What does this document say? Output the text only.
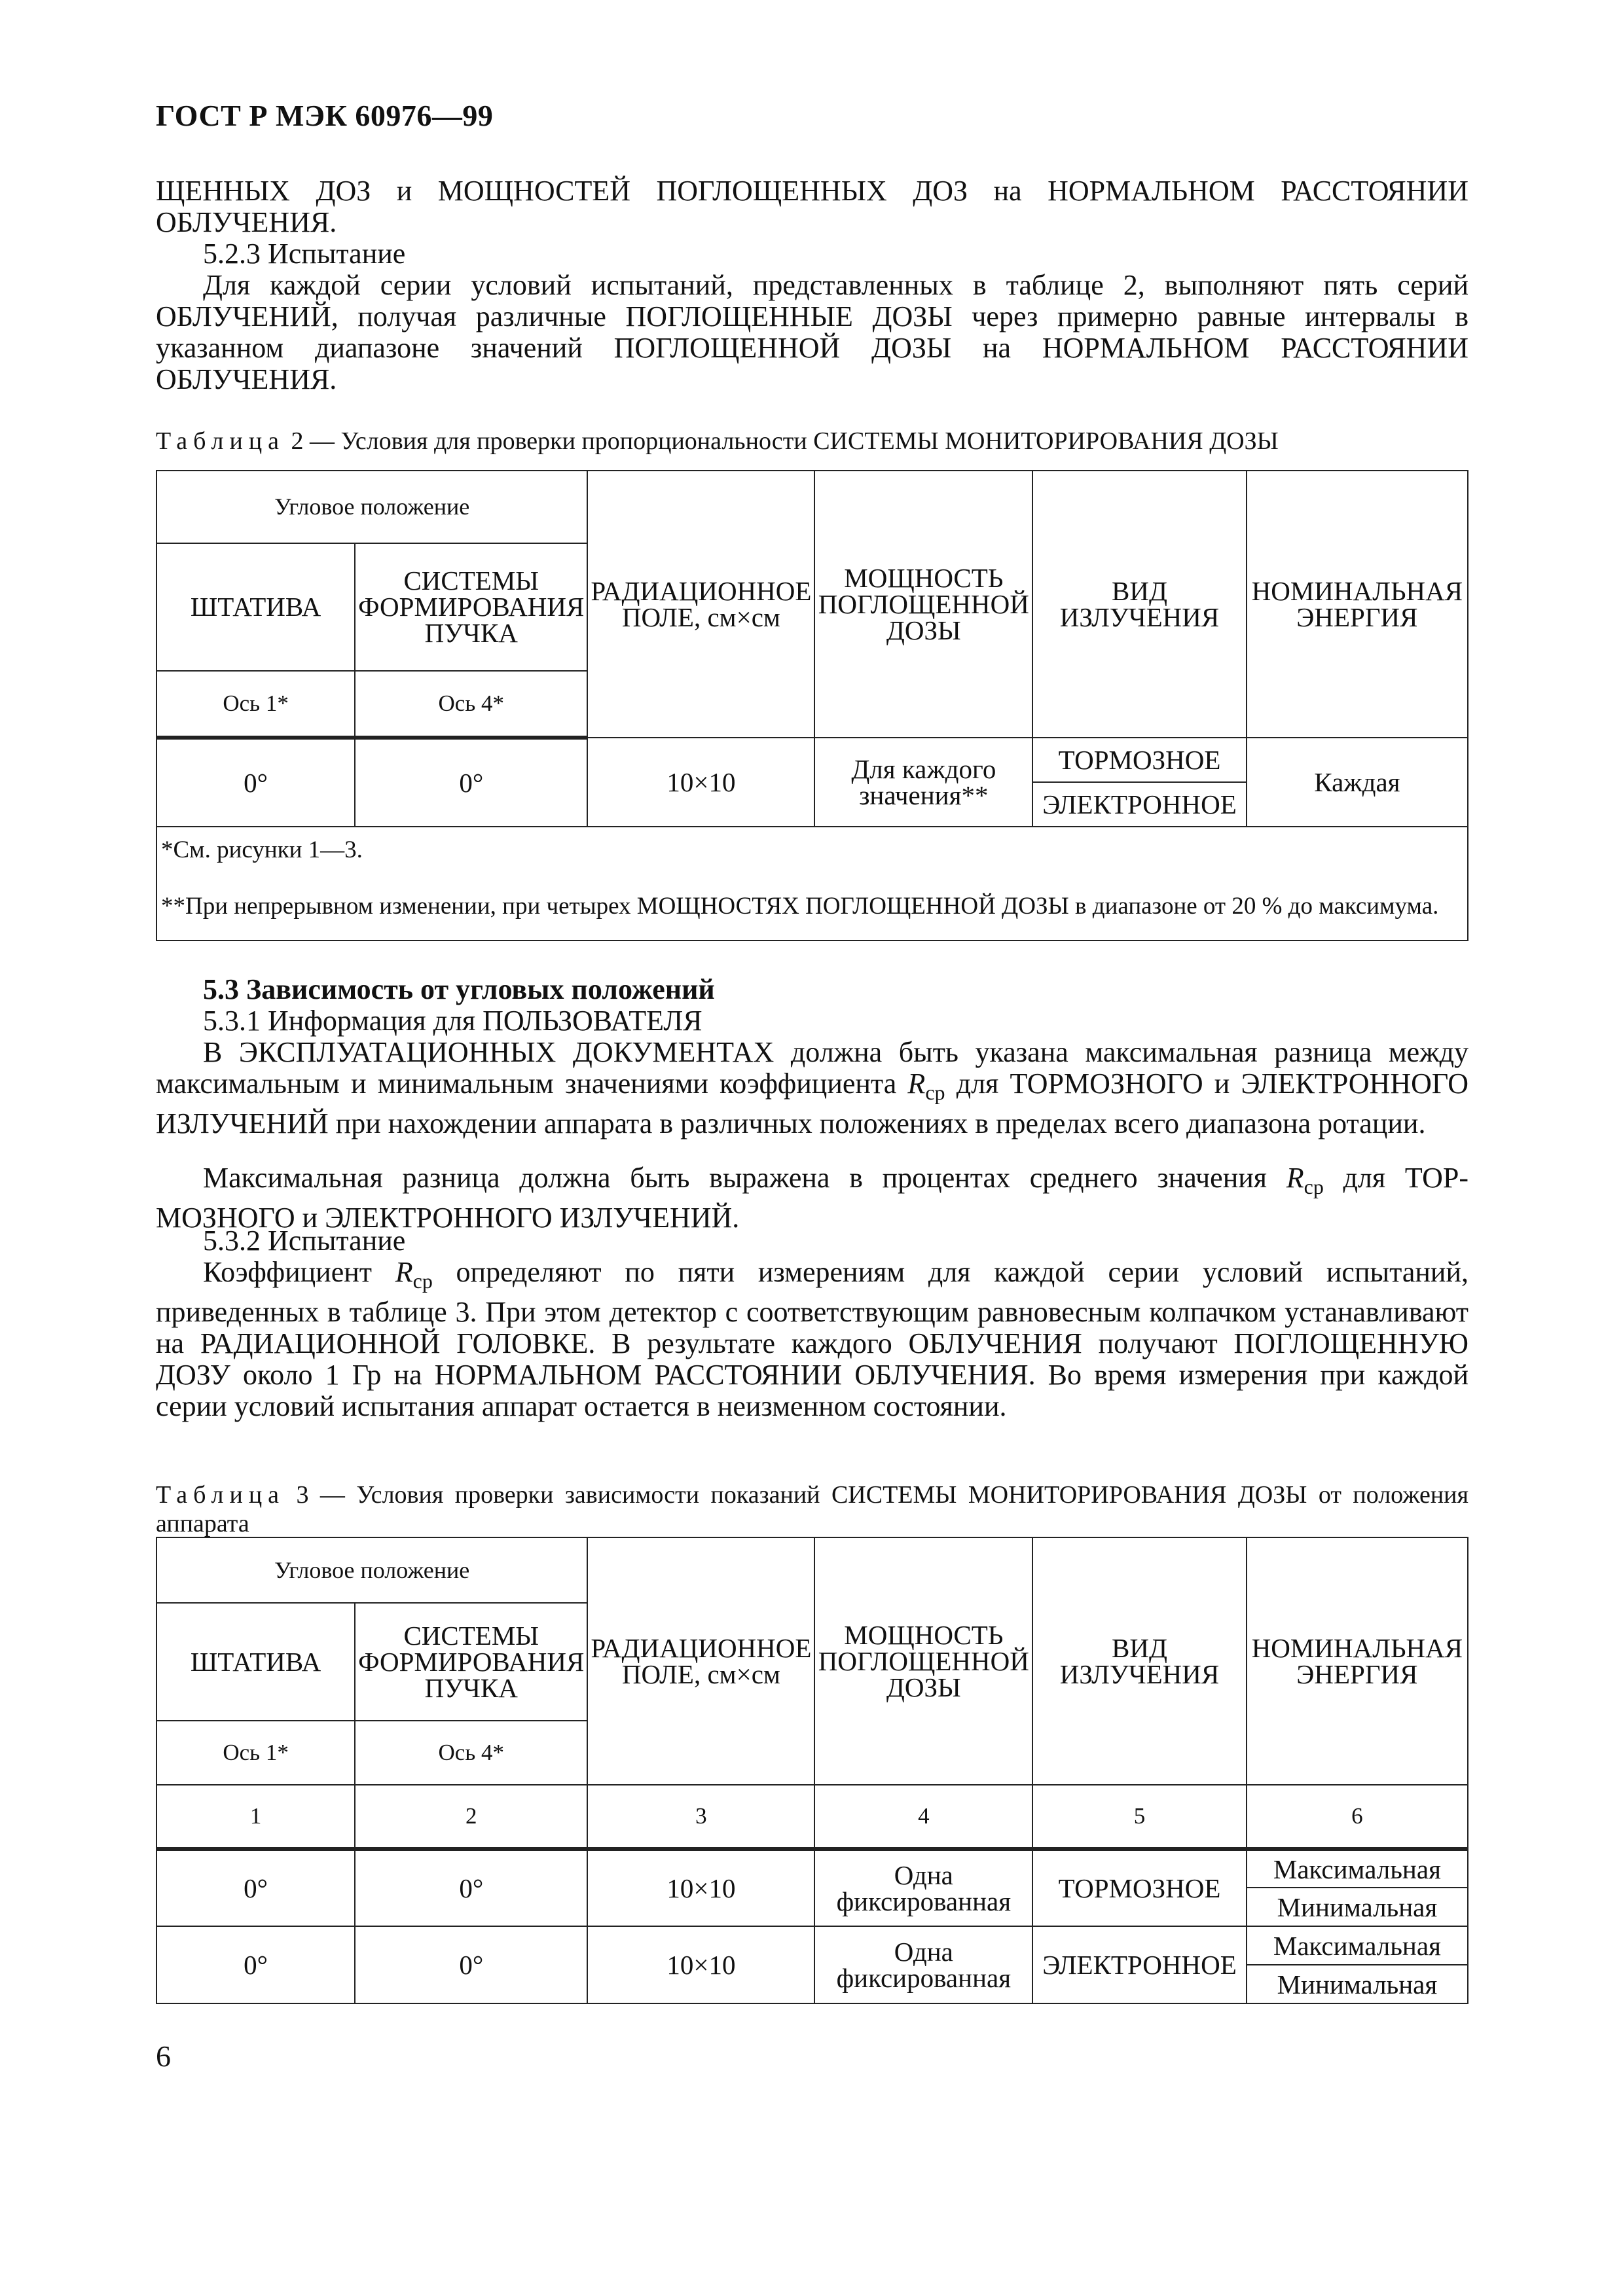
ГОСТ Р МЭК 60976—99
ЩЕННЫХ ДОЗ и МОЩНОСТЕЙ ПОГЛОЩЕННЫХ ДОЗ на НОРМАЛЬНОМ РАССТОЯНИИ ОБЛУЧЕНИЯ.
5.2.3 Испытание
Для каждой серии условий испытаний, представленных в таблице 2, выполняют пять серий ОБЛУЧЕНИЙ, получая различные ПОГЛОЩЕННЫЕ ДОЗЫ через примерно равные интервалы в указанном диапазоне значений ПОГЛОЩЕННОЙ ДОЗЫ на НОРМАЛЬНОМ РАССТОЯНИИ ОБЛУЧЕНИЯ.
Таблица 2 — Условия для проверки пропорциональности СИСТЕМЫ МОНИТОРИРОВАНИЯ ДОЗЫ
Угловое положение		РАДИАЦИОННОЕ ПОЛЕ, см×см	МОЩНОСТЬ ПОГЛОЩЕННОЙ ДОЗЫ	ВИД ИЗЛУЧЕНИЯ	НОМИНАЛЬНАЯ ЭНЕРГИЯ
ШТАТИВА	СИСТЕМЫ ФОРМИРОВАНИЯ ПУЧКА				
Ось 1*	Ось 4*				
0°	0°	10×10	Для каждого значения**	ТОРМОЗНОЕ	Каждая
				ЭЛЕКТРОННОЕ	
*См. рисунки 1—3.					
**При непрерывном изменении, при четырех МОЩНОСТЯХ ПОГЛОЩЕННОЙ ДОЗЫ в диапазоне от 20 % до максимума.					
5.3 Зависимость от угловых положений
5.3.1 Информация для ПОЛЬЗОВАТЕЛЯ
В ЭКСПЛУАТАЦИОННЫХ ДОКУМЕНТАХ должна быть указана максимальная разница между максимальным и минимальным значениями коэффициента $R_{ср}$ для ТОРМОЗНОГО и ЭЛЕКТРОННОГО ИЗЛУЧЕНИЙ при нахождении аппарата в различных положениях в пределах всего диапазона ротации.
Максимальная разница должна быть выражена в процентах среднего значения $R_{ср}$ для ТОР-МОЗНОГО и ЭЛЕКТРОННОГО ИЗЛУЧЕНИЙ.
5.3.2 Испытание
Коэффициент $R_{ср}$ определяют по пяти измерениям для каждой серии условий испытаний, приведенных в таблице 3. При этом детектор с соответствующим равновесным колпачком устанавливают на РАДИАЦИОННОЙ ГОЛОВКЕ. В результате каждого ОБЛУЧЕНИЯ получают ПОГЛОЩЕННУЮ ДОЗУ около 1 Гр на НОРМАЛЬНОМ РАССТОЯНИИ ОБЛУЧЕНИЯ. Во время измерения при каждой серии условий испытания аппарат остается в неизменном состоянии.
Таблица 3 — Условия проверки зависимости показаний СИСТЕМЫ МОНИТОРИРОВАНИЯ ДОЗЫ от положения аппарата
Угловое положение		РАДИАЦИОННОЕ ПОЛЕ, см×см	МОЩНОСТЬ ПОГЛОЩЕННОЙ ДОЗЫ	ВИД ИЗЛУЧЕНИЯ	НОМИНАЛЬНАЯ ЭНЕРГИЯ
ШТАТИВА	СИСТЕМЫ ФОРМИРОВАНИЯ ПУЧКА				
Ось 1*	Ось 4*				
1	2	3	4	5	6
0°	0°	10×10	Одна фиксированная	ТОРМОЗНОЕ	Максимальная
					Минимальная
0°	0°	10×10	Одна фиксированная	ЭЛЕКТРОННОЕ	Максимальная
					Минимальная
6
